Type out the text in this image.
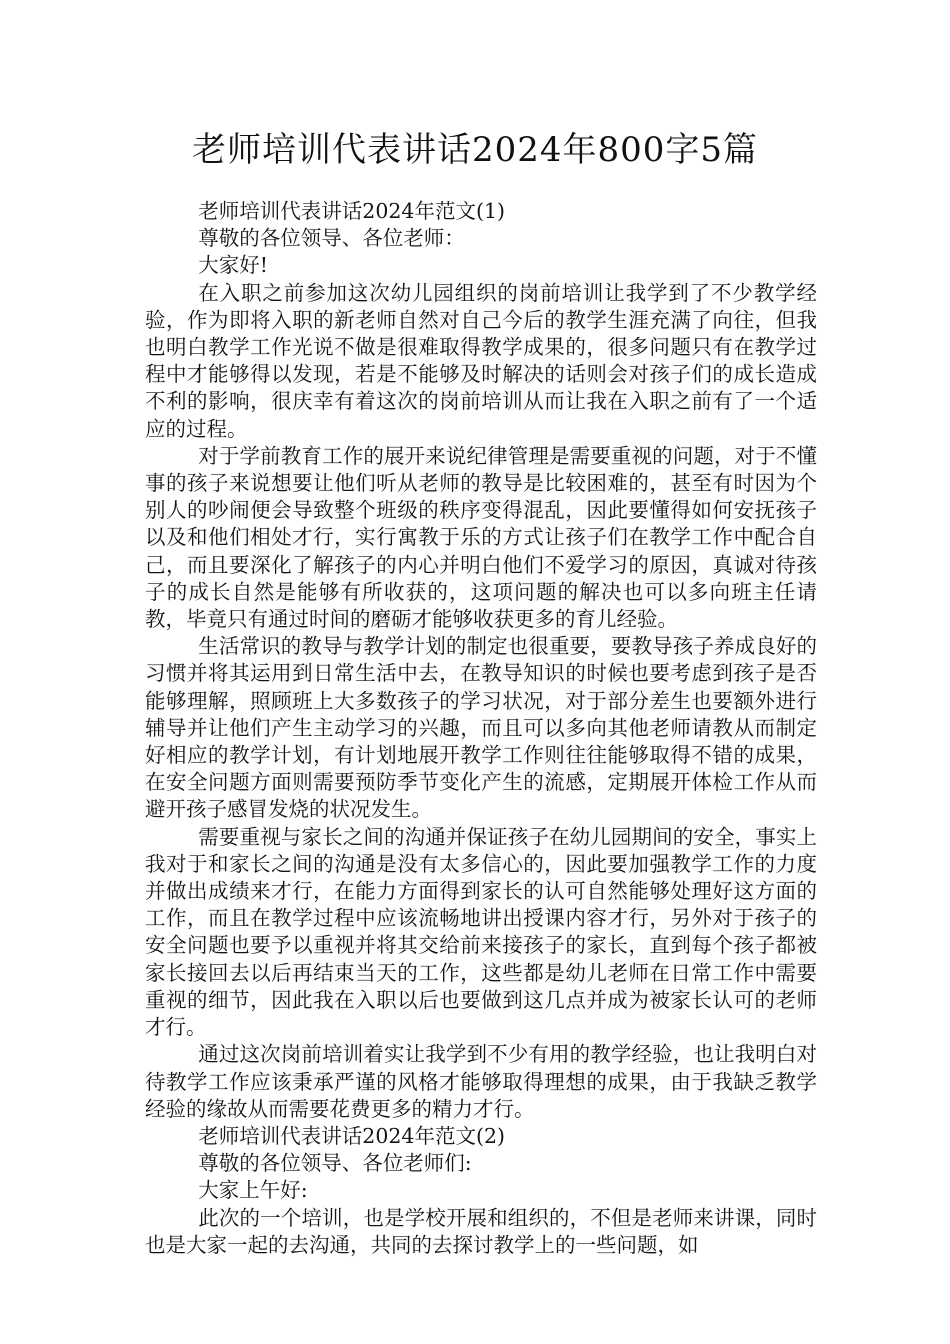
老师培训代表讲话2024年800字5篇

老师培训代表讲话2024年范文(1)

尊敬的各位领导、各位老师：

大家好!

在入职之前参加这次幼儿园组织的岗前培训让我学到了不少教学经验，作为即将入职的新老师自然对自己今后的教学生涯充满了向往，但我也明白教学工作光说不做是很难取得教学成果的，很多问题只有在教学过程中才能够得以发现，若是不能够及时解决的话则会对孩子们的成长造成不利的影响，很庆幸有着这次的岗前培训从而让我在入职之前有了一个适应的过程。

对于学前教育工作的展开来说纪律管理是需要重视的问题，对于不懂事的孩子来说想要让他们听从老师的教导是比较困难的，甚至有时因为个别人的吵闹便会导致整个班级的秩序变得混乱，因此要懂得如何安抚孩子以及和他们相处才行，实行寓教于乐的方式让孩子们在教学工作中配合自己，而且要深化了解孩子的内心并明白他们不爱学习的原因，真诚对待孩子的成长自然是能够有所收获的，这项问题的解决也可以多向班主任请教，毕竟只有通过时间的磨砺才能够收获更多的育儿经验。

生活常识的教导与教学计划的制定也很重要，要教导孩子养成良好的习惯并将其运用到日常生活中去，在教导知识的时候也要考虑到孩子是否能够理解，照顾班上大多数孩子的学习状况，对于部分差生也要额外进行辅导并让他们产生主动学习的兴趣，而且可以多向其他老师请教从而制定好相应的教学计划，有计划地展开教学工作则往往能够取得不错的成果，在安全问题方面则需要预防季节变化产生的流感，定期展开体检工作从而避开孩子感冒发烧的状况发生。

需要重视与家长之间的沟通并保证孩子在幼儿园期间的安全，事实上我对于和家长之间的沟通是没有太多信心的，因此要加强教学工作的力度并做出成绩来才行，在能力方面得到家长的认可自然能够处理好这方面的工作，而且在教学过程中应该流畅地讲出授课内容才行，另外对于孩子的安全问题也要予以重视并将其交给前来接孩子的家长，直到每个孩子都被家长接回去以后再结束当天的工作，这些都是幼儿老师在日常工作中需要重视的细节，因此我在入职以后也要做到这几点并成为被家长认可的老师才行。

通过这次岗前培训着实让我学到不少有用的教学经验，也让我明白对待教学工作应该秉承严谨的风格才能够取得理想的成果，由于我缺乏教学经验的缘故从而需要花费更多的精力才行。

老师培训代表讲话2024年范文(2)

尊敬的各位领导、各位老师们:

大家上午好:

此次的一个培训，也是学校开展和组织的，不但是老师来讲课，同时也是大家一起的去沟通，共同的去探讨教学上的一些问题，如
